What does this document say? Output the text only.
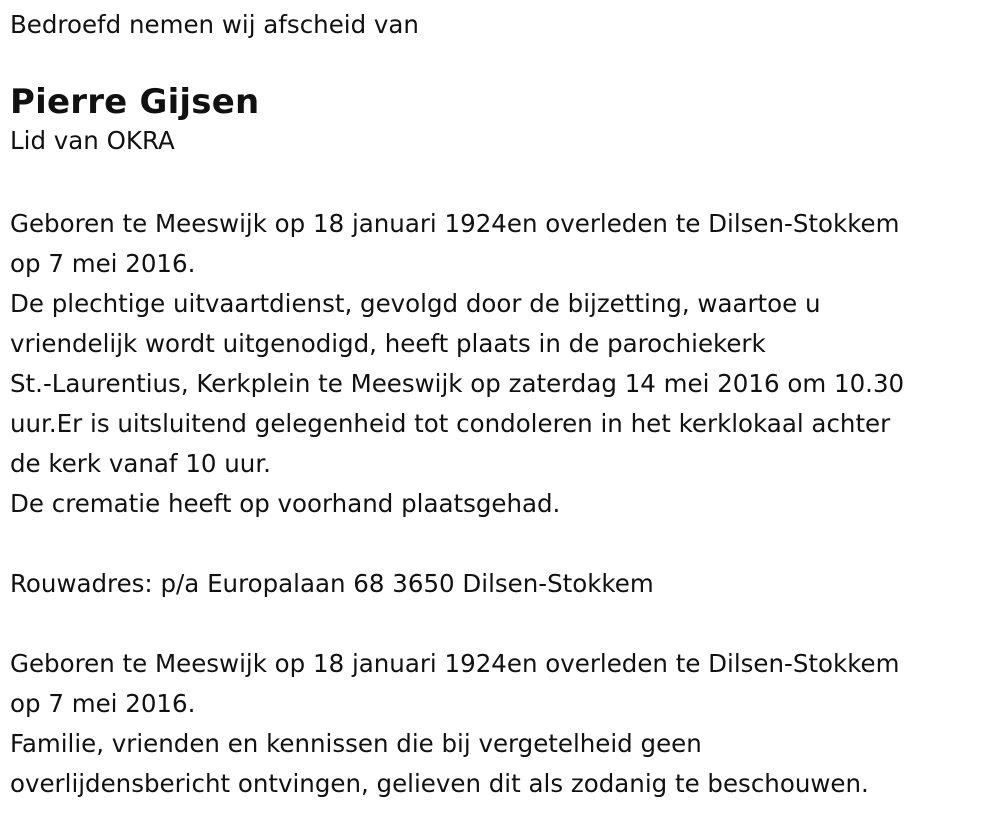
Bedroefd nemen wij afscheid van
Pierre Gijsen
Lid van OKRA
Geboren te Meeswijk op 18 januari 1924en overleden te Dilsen-Stokkem
op 7 mei 2016.
De plechtige uitvaartdienst, gevolgd door de bijzetting, waartoe u
vriendelijk wordt uitgenodigd, heeft plaats in de parochiekerk
St.-Laurentius, Kerkplein te Meeswijk op zaterdag 14 mei 2016 om 10.30
uur.Er is uitsluitend gelegenheid tot condoleren in het kerklokaal achter
de kerk vanaf 10 uur.
De crematie heeft op voorhand plaatsgehad.
Rouwadres: p/a Europalaan 68 3650 Dilsen-Stokkem
Geboren te Meeswijk op 18 januari 1924en overleden te Dilsen-Stokkem
op 7 mei 2016.
Familie, vrienden en kennissen die bij vergetelheid geen
overlijdensbericht ontvingen, gelieven dit als zodanig te beschouwen.
